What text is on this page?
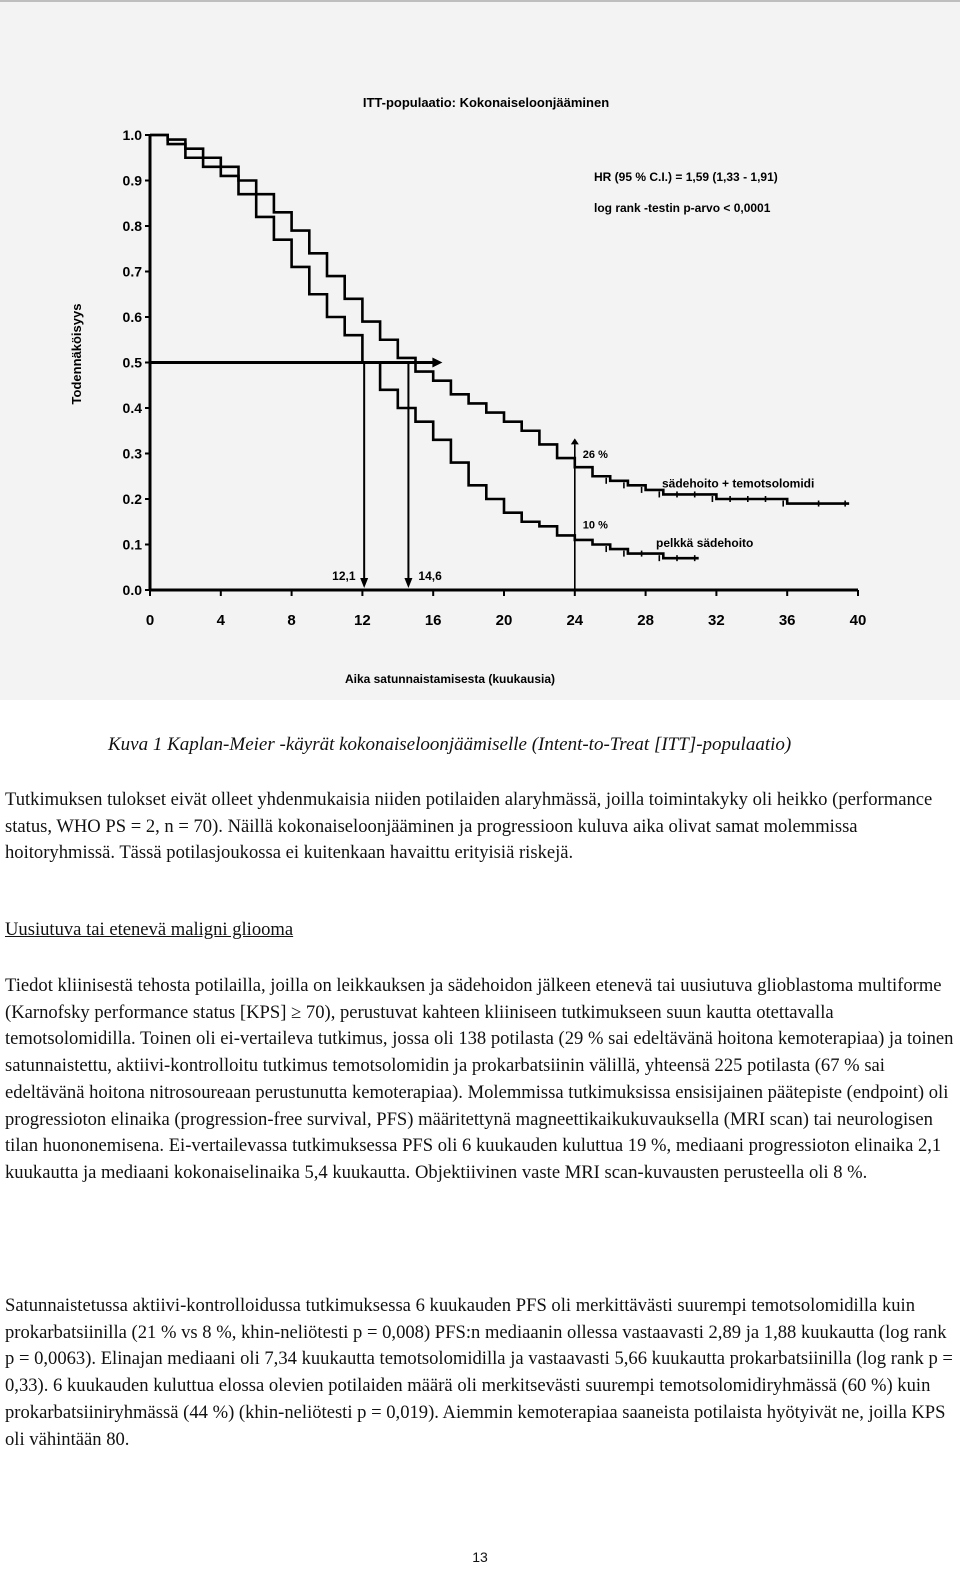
ITT-populaatio: Kokonaiseloonjääminen
HR (95 % C.I.) = 1,59 (1,33 - 1,91)
log rank -testin p-arvo < 0,0001
Todennäköisyys
Aika satunnaistamisesta (kuukausia)
0.0
0.1
0.2
0.3
0.4
0.5
0.6
0.7
0.8
0.9
1.0
0	4	8	12	16	20	24	28	32	36	40
12,1	14,6
26 %
10 %
sädehoito + temotsolomidi
pelkkä sädehoito
Kuva 1 Kaplan-Meier -käyrät kokonaiseloonjäämiselle (Intent-to-Treat [ITT]-populaatio)

Tutkimuksen tulokset eivät olleet yhdenmukaisia niiden potilaiden alaryhmässä, joilla toimintakyky oli heikko (performance status, WHO PS = 2, n = 70). Näillä kokonaiseloonjääminen ja progressioon kuluva aika olivat samat molemmissa hoitoryhmissä. Tässä potilasjoukossa ei kuitenkaan havaittu erityisiä riskejä.

Uusiutuva tai etenevä maligni gliooma

Tiedot kliinisestä tehosta potilailla, joilla on leikkauksen ja sädehoidon jälkeen etenevä tai uusiutuva glioblastoma multiforme (Karnofsky performance status [KPS] ≥ 70), perustuvat kahteen kliiniseen tutkimukseen suun kautta otettavalla temotsolomidilla. Toinen oli ei-vertaileva tutkimus, jossa oli 138 potilasta (29 % sai edeltävänä hoitona kemoterapiaa) ja toinen satunnaistettu, aktiivi-kontrolloitu tutkimus temotsolomidin ja prokarbatsiinin välillä, yhteensä 225 potilasta (67 % sai edeltävänä hoitona nitrosoureaan perustunutta kemoterapiaa). Molemmissa tutkimuksissa ensisijainen päätepiste (endpoint) oli progressioton elinaika (progression-free survival, PFS) määritettynä magneettikaikukuvauksella (MRI scan) tai neurologisen tilan huononemisena. Ei-vertailevassa tutkimuksessa PFS oli 6 kuukauden kuluttua 19 %, mediaani progressioton elinaika 2,1 kuukautta ja mediaani kokonaiselinaika 5,4 kuukautta. Objektiivinen vaste MRI scan-kuvausten perusteella oli 8 %.

Satunnaistetussa aktiivi-kontrolloidussa tutkimuksessa 6 kuukauden PFS oli merkittävästi suurempi temotsolomidilla kuin prokarbatsiinilla (21 % vs 8 %, khin-neliötesti p = 0,008) PFS:n mediaanin ollessa vastaavasti 2,89 ja 1,88 kuukautta (log rank p = 0,0063). Elinajan mediaani oli 7,34 kuukautta temotsolomidilla ja vastaavasti 5,66 kuukautta prokarbatsiinilla (log rank p = 0,33). 6 kuukauden kuluttua elossa olevien potilaiden määrä oli merkitsevästi suurempi temotsolomidiryhmässä (60 %) kuin prokarbatsiiniryhmässä (44 %) (khin-neliötesti p = 0,019). Aiemmin kemoterapiaa saaneista potilaista hyötyivät ne, joilla KPS oli vähintään 80.

13
